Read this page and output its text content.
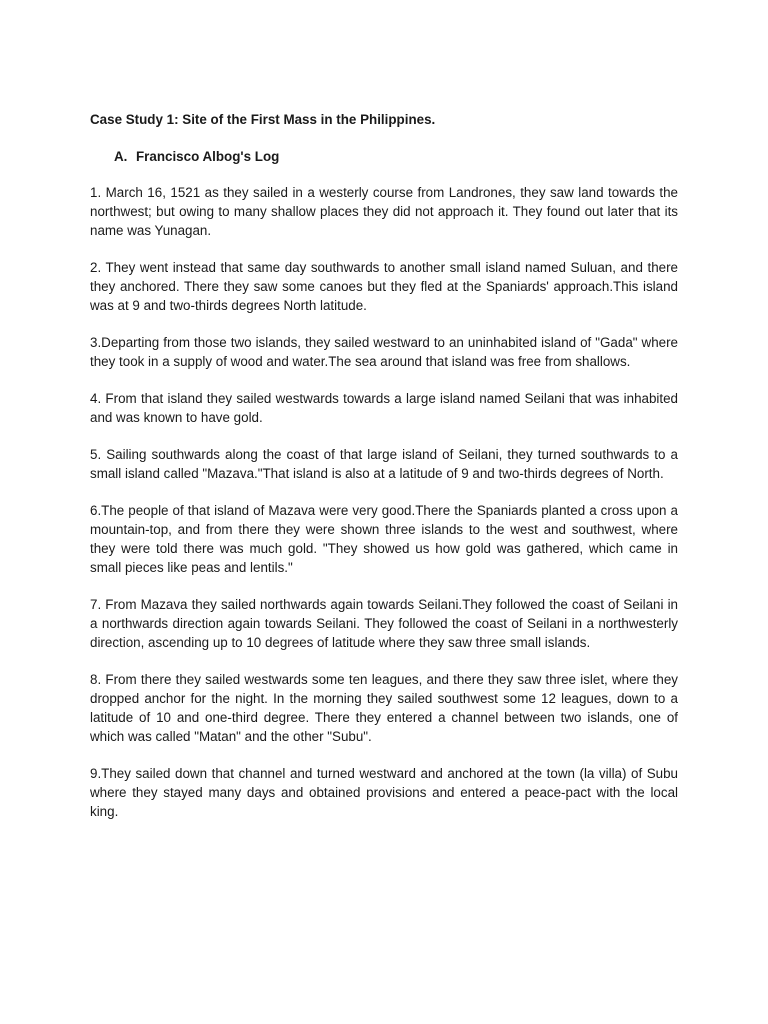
Case Study 1: Site of the First Mass in the Philippines.
A. Francisco Albog's Log

1. March 16, 1521 as they sailed in a westerly course from Landrones, they saw land towards the northwest; but owing to many shallow places they did not approach it. They found out later that its name was Yunagan.

2. They went instead that same day southwards to another small island named Suluan, and there they anchored. There they saw some canoes but they fled at the Spaniards' approach.This island was at 9 and two-thirds degrees North latitude.

3.Departing from those two islands, they sailed westward to an uninhabited island of "Gada" where they took in a supply of wood and water.The sea around that island was free from shallows.

4. From that island they sailed westwards towards a large island named Seilani that was inhabited and was known to have gold.

5. Sailing southwards along the coast of that large island of Seilani, they turned southwards to a small island called "Mazava."That island is also at a latitude of 9 and two-thirds degrees of North.

6.The people of that island of Mazava were very good.There the Spaniards planted a cross upon a mountain-top, and from there they were shown three islands to the west and southwest, where they were told there was much gold. "They showed us how gold was gathered, which came in small pieces like peas and lentils."

7. From Mazava they sailed northwards again towards Seilani.They followed the coast of Seilani in a northwards direction again towards Seilani. They followed the coast of Seilani in a northwesterly direction, ascending up to 10 degrees of latitude where they saw three small islands.

8. From there they sailed westwards some ten leagues, and there they saw three islet, where they dropped anchor for the night. In the morning they sailed southwest some 12 leagues, down to a latitude of 10 and one-third degree. There they entered a channel between two islands, one of which was called "Matan" and the other "Subu".

9.They sailed down that channel and turned westward and anchored at the town (la villa) of Subu where they stayed many days and obtained provisions and entered a peace-pact with the local king.
